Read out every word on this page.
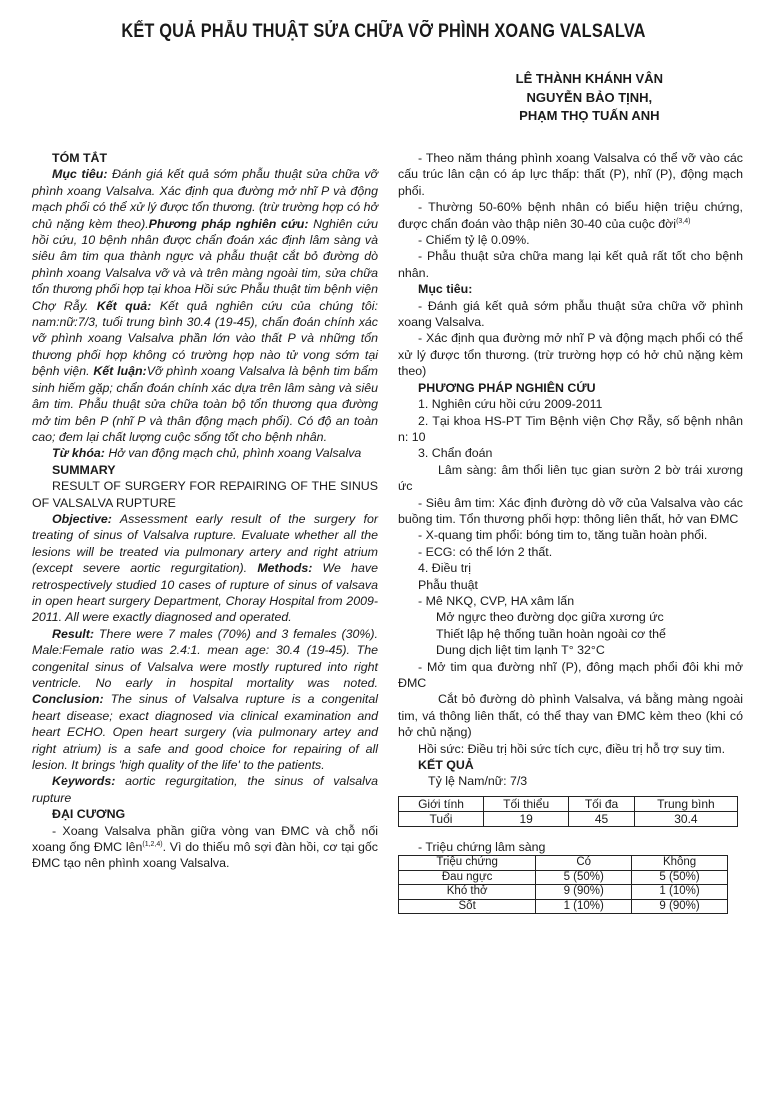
KẾT QUẢ PHẪU THUẬT SỬA CHỮA VỠ PHÌNH XOANG VALSALVA
LÊ THÀNH KHÁNH VÂN
NGUYỄN BẢO TỊNH,
PHẠM THỌ TUẤN ANH

TÓM TẮT

Mục tiêu: Đánh giá kết quả sớm phẫu thuật sửa chữa vỡ phình xoang Valsalva. Xác định qua đường mở nhĩ P và động mạch phổi có thể xử lý được tổn thương. (trừ trường hợp có hở chủ nặng kèm theo).Phương pháp nghiên cứu: Nghiên cứu hồi cứu, 10 bệnh nhân được chẩn đoán xác định lâm sàng và siêu âm tim qua thành ngực và phẫu thuật cắt bỏ đường dò phình xoang Valsalva vỡ và và trên màng ngoài tim, sửa chữa tổn thương phối hợp tại khoa Hồi sức Phẫu thuật tim bệnh viện Chợ Rẫy. Kết quả: Kết quả nghiên cứu của chúng tôi: nam:nữ:7/3, tuổi trung bình 30.4 (19-45), chẩn đoán chính xác vỡ phình xoang Valsalva phần lớn vào thất P và những tổn thương phối hợp không có trường hợp nào tử vong sớm tại bệnh viện. Kết luận:Vỡ phình xoang Valsalva là bệnh tim bẩm sinh hiếm gặp; chẩn đoán chính xác dựa trên lâm sàng và siêu âm tim. Phẫu thuật sửa chữa toàn bộ tổn thương qua đường mở tim bên P (nhĩ P và thân động mạch phổi). Có độ an toàn cao; đem lại chất lượng cuộc sống tốt cho bệnh nhân.

Từ khóa: Hở van động mạch chủ, phình xoang Valsalva

SUMMARY

RESULT OF SURGERY FOR REPAIRING OF THE SINUS OF VALSALVA RUPTURE

Objective: Assessment early result of the surgery for treating of sinus of Valsalva rupture. Evaluate whether all the lesions will be treated via pulmonary artery and right atrium (except severe aortic regurgitation). Methods: We have retrospectively studied 10 cases of rupture of sinus of valsava in open heart surgery Department, Choray Hospital from 2009-2011. All were exactly diagnosed and operated.

Result: There were 7 males (70%) and 3 females (30%). Male:Female ratio was 2.4:1. mean age: 30.4 (19-45). The congenital sinus of Valsalva were mostly ruptured into right ventricle. No early in hospital mortality was noted. Conclusion: The sinus of Valsalva rupture is a congenital heart disease; exact diagnosed via clinical examination and heart ECHO. Open heart surgery (via pulmonary artey and right atrium) is a safe and good choice for repairing of all lesion. It brings 'high quality of the life' to the patients.

Keywords: aortic regurgitation, the sinus of valsalva rupture

ĐẠI CƯƠNG

- Xoang Valsalva phần giữa vòng van ĐMC và chỗ nối xoang ống ĐMC lên$^{(1,2,4)}$. Vì do thiếu mô sợi đàn hồi, cơ tại gốc ĐMC tạo nên phình xoang Valsalva.

- Theo năm tháng phình xoang Valsalva có thể vỡ vào các cấu trúc lân cận có áp lực thấp: thất (P), nhĩ (P), động mạch phổi.

- Thường 50-60% bệnh nhân có biểu hiện triệu chứng, được chẩn đoán vào thập niên 30-40 của cuộc đời$^{(3,4)}$

- Chiếm tỷ lệ 0.09%.

- Phẫu thuật sửa chữa mang lại kết quả rất tốt cho bệnh nhân.

Mục tiêu:

- Đánh giá kết quả sớm phẫu thuật sửa chữa vỡ phình xoang Valsalva.

- Xác định qua đường mở nhĩ P và động mạch phổi có thể xử lý được tổn thương. (trừ trường hợp có hở chủ nặng kèm theo)

PHƯƠNG PHÁP NGHIÊN CỨU

1. Nghiên cứu hồi cứu 2009-2011

2. Tại khoa HS-PT Tim Bệnh viện Chợ Rẫy, số bệnh nhân n: 10

3. Chẩn đoán

Lâm sàng: âm thổi liên tục gian sườn 2 bờ trái xương ức

- Siêu âm tim: Xác định đường dò vỡ của Valsalva vào các buồng tim. Tổn thương phối hợp: thông liên thất, hở van ĐMC

- X-quang tim phổi: bóng tim to, tăng tuần hoàn phổi.

- ECG: có thể lớn 2 thất.

4. Điều trị

Phẫu thuật

- Mê NKQ, CVP, HA xâm lấn

Mở ngực theo đường dọc giữa xương ức

Thiết lập hệ thống tuần hoàn ngoài cơ thể

Dung dịch liệt tim lạnh T° 32°C

- Mở tim qua đường nhĩ (P), đông mạch phổi đôi khi mở ĐMC

Cắt bỏ đường dò phình Valsalva, vá bằng màng ngoài tim, vá thông liên thất, có thể thay van ĐMC kèm theo (khi có hở chủ nặng)

Hồi sức: Điều trị hồi sức tích cực, điều trị hỗ trợ suy tim.

KẾT QUẢ

Tỷ lệ Nam/nữ: 7/3

Giới tính	Tối thiểu	Tối đa	Trung bình
Tuổi	19	45	30.4

- Triệu chứng lâm sàng

Triệu chứng	Có	Không
Đau ngực	5 (50%)	5 (50%)
Khó thở	9 (90%)	1 (10%)
Sốt	1 (10%)	9 (90%)
